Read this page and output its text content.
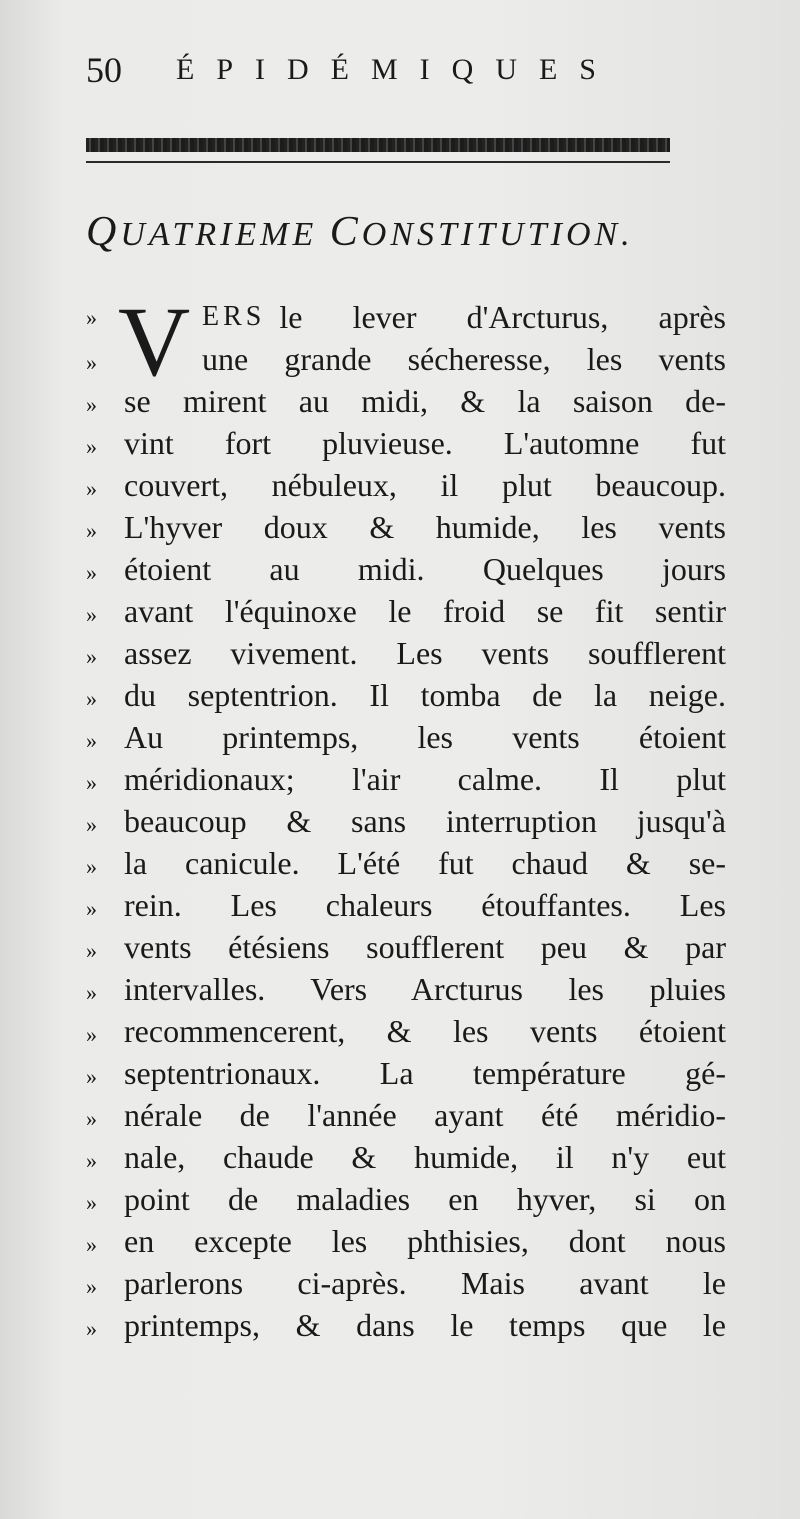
50	ÉPIDÉMIQUES
QUATRIEME CONSTITUTION.
V
»	ERS le lever d'Arcturus, après
»	une grande sécheresse, les vents
» se mirent au midi, & la saison de-
» vint fort pluvieuse. L'automne fut
» couvert, nébuleux, il plut beaucoup.
» L'hyver doux & humide, les vents
» étoient au midi. Quelques jours
» avant l'équinoxe le froid se fit sentir
» assez vivement. Les vents soufflerent
» du septentrion. Il tomba de la neige.
» Au printemps, les vents étoient
» méridionaux; l'air calme. Il plut
» beaucoup & sans interruption jusqu'à
» la canicule. L'été fut chaud & se-
» rein. Les chaleurs étouffantes. Les
» vents étésiens soufflerent peu & par
» intervalles. Vers Arcturus les pluies
» recommencerent, & les vents étoient
» septentrionaux. La température gé-
» nérale de l'année ayant été méridio-
» nale, chaude & humide, il n'y eut
» point de maladies en hyver, si on
» en excepte les phthisies, dont nous
» parlerons ci-après. Mais avant le
» printemps, & dans le temps que le
